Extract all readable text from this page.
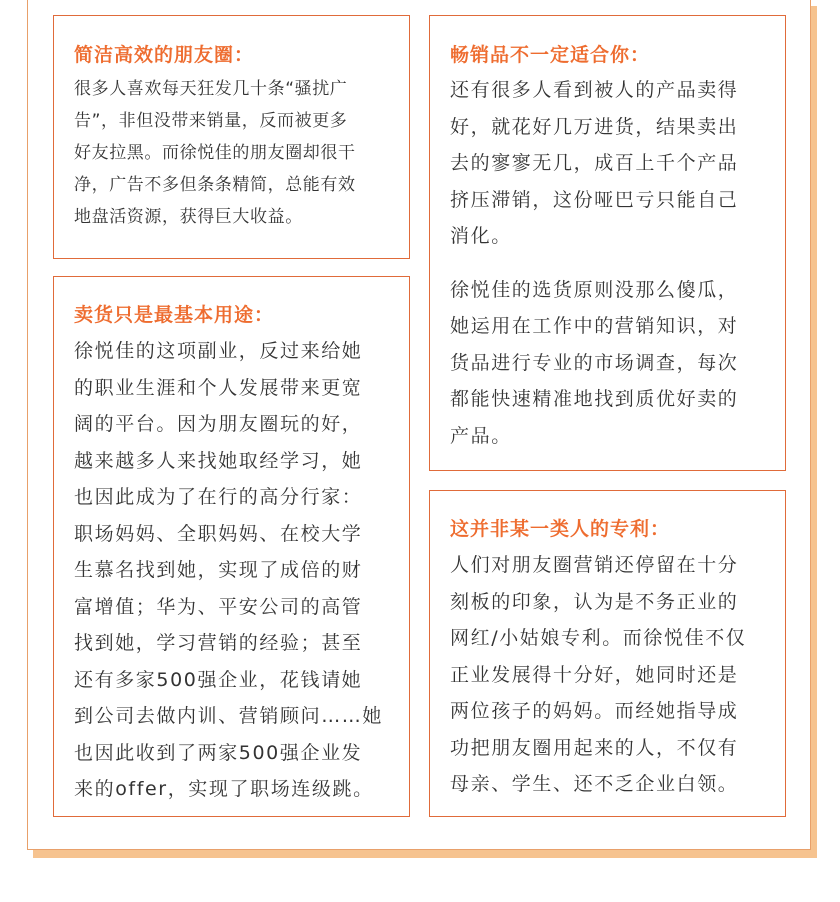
简洁高效的朋友圈：

很多人喜欢每天狂发几十条“骚扰广
告”，非但没带来销量，反而被更多
好友拉黑。而徐悦佳的朋友圈却很干
净，广告不多但条条精简，总能有效
地盘活资源，获得巨大收益。

卖货只是最基本用途：

徐悦佳的这项副业，反过来给她
的职业生涯和个人发展带来更宽
阔的平台。因为朋友圈玩的好，
越来越多人来找她取经学习，她
也因此成为了在行的高分行家：
职场妈妈、全职妈妈、在校大学
生慕名找到她，实现了成倍的财
富增值；华为、平安公司的高管
找到她，学习营销的经验；甚至
还有多家500强企业，花钱请她
到公司去做内训、营销顾问……她
也因此收到了两家500强企业发
来的offer，实现了职场连级跳。

畅销品不一定适合你：

还有很多人看到被人的产品卖得
好，就花好几万进货，结果卖出
去的寥寥无几，成百上千个产品
挤压滞销，这份哑巴亏只能自己
消化。

徐悦佳的选货原则没那么傻瓜，
她运用在工作中的营销知识，对
货品进行专业的市场调查，每次
都能快速精准地找到质优好卖的
产品。

这并非某一类人的专利：

人们对朋友圈营销还停留在十分
刻板的印象，认为是不务正业的
网红/小姑娘专利。而徐悦佳不仅
正业发展得十分好，她同时还是
两位孩子的妈妈。而经她指导成
功把朋友圈用起来的人，不仅有
母亲、学生、还不乏企业白领。
